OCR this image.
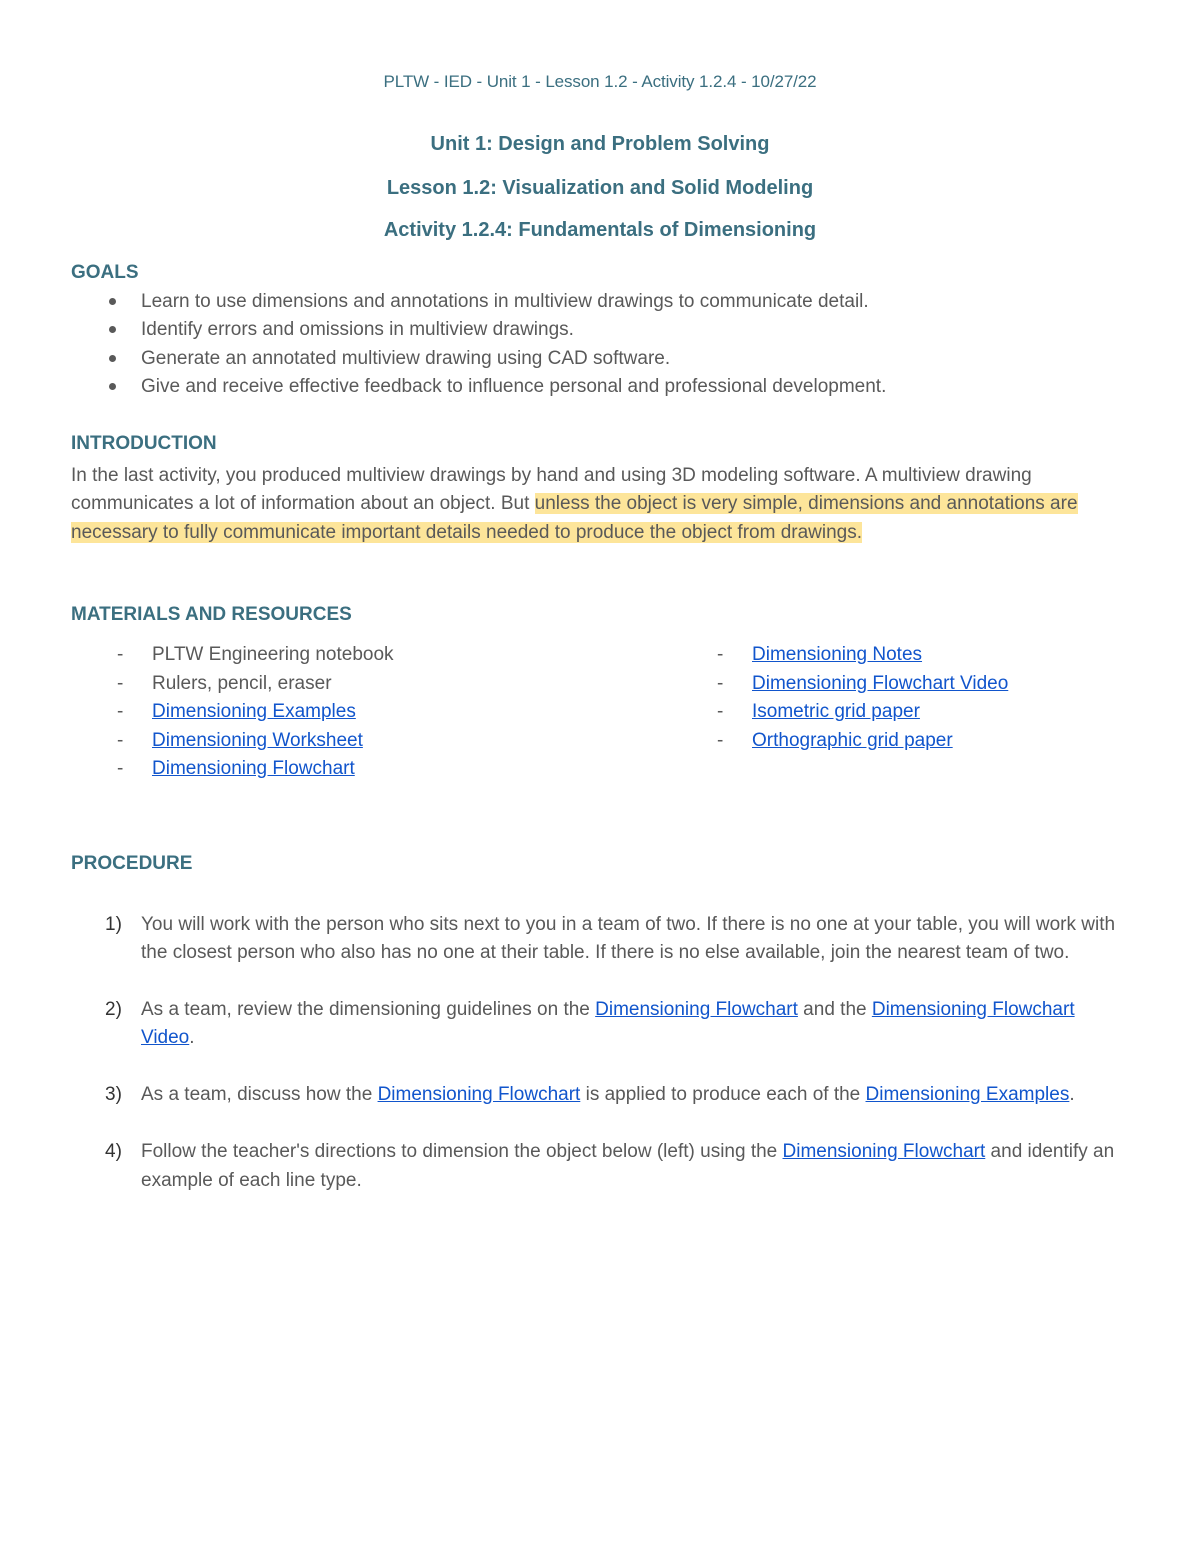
PLTW - IED - Unit 1 - Lesson 1.2 - Activity 1.2.4 - 10/27/22
Unit 1: Design and Problem Solving
Lesson 1.2: Visualization and Solid Modeling
Activity 1.2.4: Fundamentals of Dimensioning
GOALS
Learn to use dimensions and annotations in multiview drawings to communicate detail.
Identify errors and omissions in multiview drawings.
Generate an annotated multiview drawing using CAD software.
Give and receive effective feedback to influence personal and professional development.
INTRODUCTION
In the last activity, you produced multiview drawings by hand and using 3D modeling software. A multiview drawing communicates a lot of information about an object. But unless the object is very simple, dimensions and annotations are necessary to fully communicate important details needed to produce the object from drawings.
MATERIALS AND RESOURCES
- PLTW Engineering notebook
- Rulers, pencil, eraser
- Dimensioning Examples
- Dimensioning Worksheet
- Dimensioning Flowchart
- Dimensioning Notes
- Dimensioning Flowchart Video
- Isometric grid paper
- Orthographic grid paper
PROCEDURE
1) You will work with the person who sits next to you in a team of two. If there is no one at your table, you will work with the closest person who also has no one at their table. If there is no else available, join the nearest team of two.
2) As a team, review the dimensioning guidelines on the Dimensioning Flowchart and the Dimensioning Flowchart Video.
3) As a team, discuss how the Dimensioning Flowchart is applied to produce each of the Dimensioning Examples.
4) Follow the teacher's directions to dimension the object below (left) using the Dimensioning Flowchart and identify an example of each line type.
